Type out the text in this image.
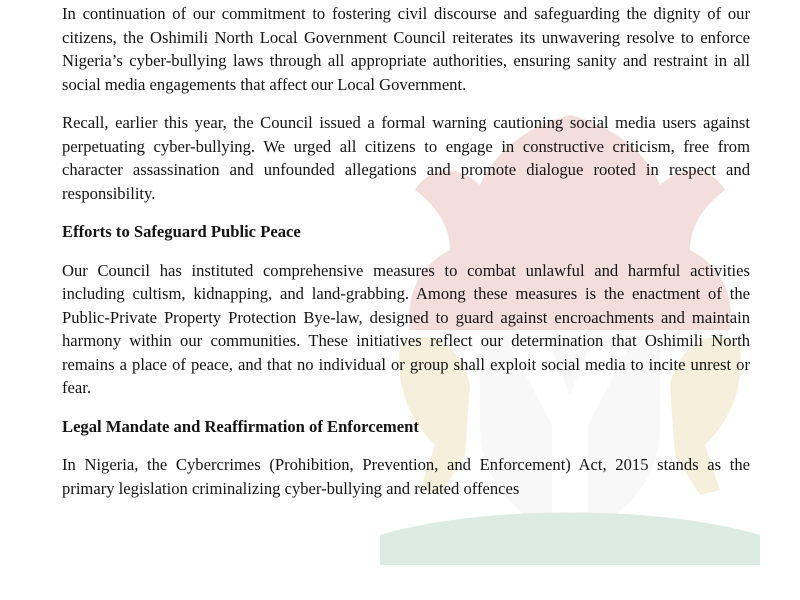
In continuation of our commitment to fostering civil discourse and safeguarding the dignity of our citizens, the Oshimili North Local Government Council reiterates its unwavering resolve to enforce Nigeria’s cyber-bullying laws through all appropriate authorities, ensuring sanity and restraint in all social media engagements that affect our Local Government.

Recall, earlier this year, the Council issued a formal warning cautioning social media users against perpetuating cyber-bullying. We urged all citizens to engage in constructive criticism, free from character assassination and unfounded allegations and promote dialogue rooted in respect and responsibility.

Efforts to Safeguard Public Peace

Our Council has instituted comprehensive measures to combat unlawful and harmful activities including cultism, kidnapping, and land-grabbing. Among these measures is the enactment of the Public-Private Property Protection Bye-law, designed to guard against encroachments and maintain harmony within our communities. These initiatives reflect our determination that Oshimili North remains a place of peace, and that no individual or group shall exploit social media to incite unrest or fear.

Legal Mandate and Reaffirmation of Enforcement

In Nigeria, the Cybercrimes (Prohibition, Prevention, and Enforcement) Act, 2015 stands as the primary legislation criminalizing cyber-bullying and related offences
